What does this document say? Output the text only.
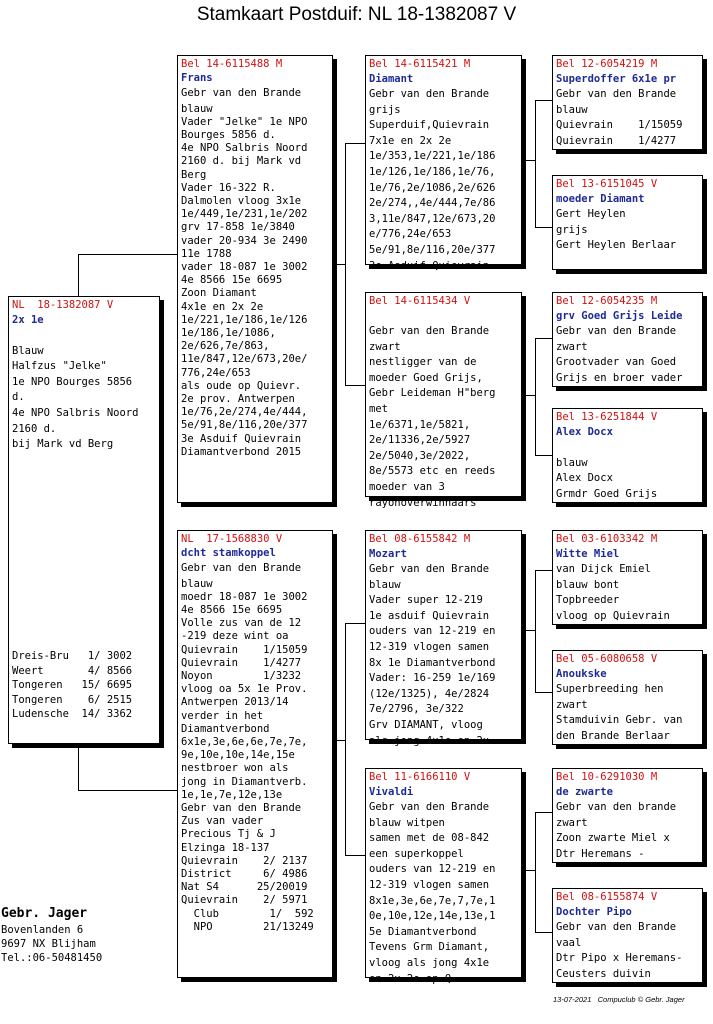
Stamkaart Postduif: NL 18-1382087 V
NL  18-1382087 V
2x 1e
Blauw
Halfzus "Jelke"
1e NPO Bourges 5856
d.
4e NPO Salbris Noord
2160 d.
bij Mark vd Berg
Dreis-Bru   1/ 3002
Weert       4/ 8566
Tongeren   15/ 6695
Tongeren    6/ 2515
Ludensche  14/ 3362
Bel 14-6115488 M
Frans
Gebr van den Brande
blauw
Vader "Jelke" 1e NPO
Bourges 5856 d.
4e NPO Salbris Noord
2160 d. bij Mark vd
Berg
Vader 16-322 R.
Dalmolen vloog 3x1e
1e/449,1e/231,1e/202
grv 17-858 1e/3840
vader 20-934 3e 2490
11e 1788
vader 18-087 1e 3002
4e 8566 15e 6695
Zoon Diamant
4x1e en 2x 2e
1e/221,1e/186,1e/126
1e/186,1e/1086,
2e/626,7e/863,
11e/847,12e/673,20e/
776,24e/653
als oude op Quievr.
2e prov. Antwerpen
1e/76,2e/274,4e/444,
5e/91,8e/116,20e/377
3e Asduif Quievrain
Diamantverbond 2015
NL  17-1568830 V
dcht stamkoppel
Gebr van den Brande
blauw
moedr 18-087 1e 3002
4e 8566 15e 6695
Volle zus van de 12
-219 deze wint oa
Quievrain    1/15059
Quievrain    1/4277
Noyon        1/3232
vloog oa 5x 1e Prov.
Antwerpen 2013/14
verder in het
Diamantverbond
6x1e,3e,6e,6e,7e,7e,
9e,10e,10e,14e,15e
nestbroer won als
jong in Diamantverb.
1e,1e,7e,12e,13e
Gebr van den Brande
Zus van vader
Precious Tj & J
Elzinga 18-137
Quievrain    2/ 2137
District     6/ 4986
Nat S4      25/20019
Quievrain    2/ 5971
Club        1/  592
NPO        21/13249
Bel 14-6115421 M
Diamant
Gebr van den Brande
grijs
Superduif,Quievrain
7x1e en 2x 2e
1e/353,1e/221,1e/186
1e/126,1e/186,1e/76,
1e/76,2e/1086,2e/626
2e/274,,4e/444,7e/86
3,11e/847,12e/673,20
e/776,24e/653
5e/91,8e/116,20e/377
3e Asduif Quievrain
Bel 14-6115434 V
Gebr van den Brande
zwart
nestligger van de
moeder Goed Grijs,
Gebr Leideman H"berg
met
1e/6371,1e/5821,
2e/11336,2e/5927
2e/5040,3e/2022,
8e/5573 etc en reeds
moeder van 3
rayonoverwinnaars
Bel 08-6155842 M
Mozart
Gebr van den Brande
blauw
Vader super 12-219
1e asduif Quievrain
ouders van 12-219 en
12-319 vlogen samen
8x 1e Diamantverbond
Vader: 16-259 1e/169
(12e/1325), 4e/2824
7e/2796, 3e/322
Grv DIAMANT, vloog
als jong 4x1e en 2x
Bel 11-6166110 V
Vivaldi
Gebr van den Brande
blauw witpen
samen met de 08-842
een superkoppel
ouders van 12-219 en
12-319 vlogen samen
8x1e,3e,6e,7e,7,7e,1
0e,10e,12e,14e,13e,1
5e Diamantverbond
Tevens Grm Diamant,
vloog als jong 4x1e
en 2x 2e op Q
Bel 12-6054219 M
Superdoffer 6x1e pr
Gebr van den Brande
blauw
Quievrain    1/15059
Quievrain    1/4277
Bel 13-6151045 V
moeder Diamant
Gert Heylen
grijs
Gert Heylen Berlaar
Bel 12-6054235 M
grv Goed Grijs Leide
Gebr van den Brande
zwart
Grootvader van Goed
Grijs en broer vader
Bel 13-6251844 V
Alex Docx
blauw
Alex Docx
Grmdr Goed Grijs
Bel 03-6103342 M
Witte Miel
van Dijck Emiel
blauw bont
Topbreeder
vloog op Quievrain
Bel 05-6080658 V
Anoukske
Superbreeding hen
zwart
Stamduivin Gebr. van
den Brande Berlaar
Bel 10-6291030 M
de zwarte
Gebr van den brande
zwart
Zoon zwarte Miel x
Dtr Heremans -
Bel 08-6155874 V
Dochter Pipo
Gebr van den Brande
vaal
Dtr Pipo x Heremans-
Ceusters duivin
Gebr. Jager
Bovenlanden 6
9697 NX Blijham
Tel.:06-50481450
13-07-2021   Compuclub © Gebr. Jager
